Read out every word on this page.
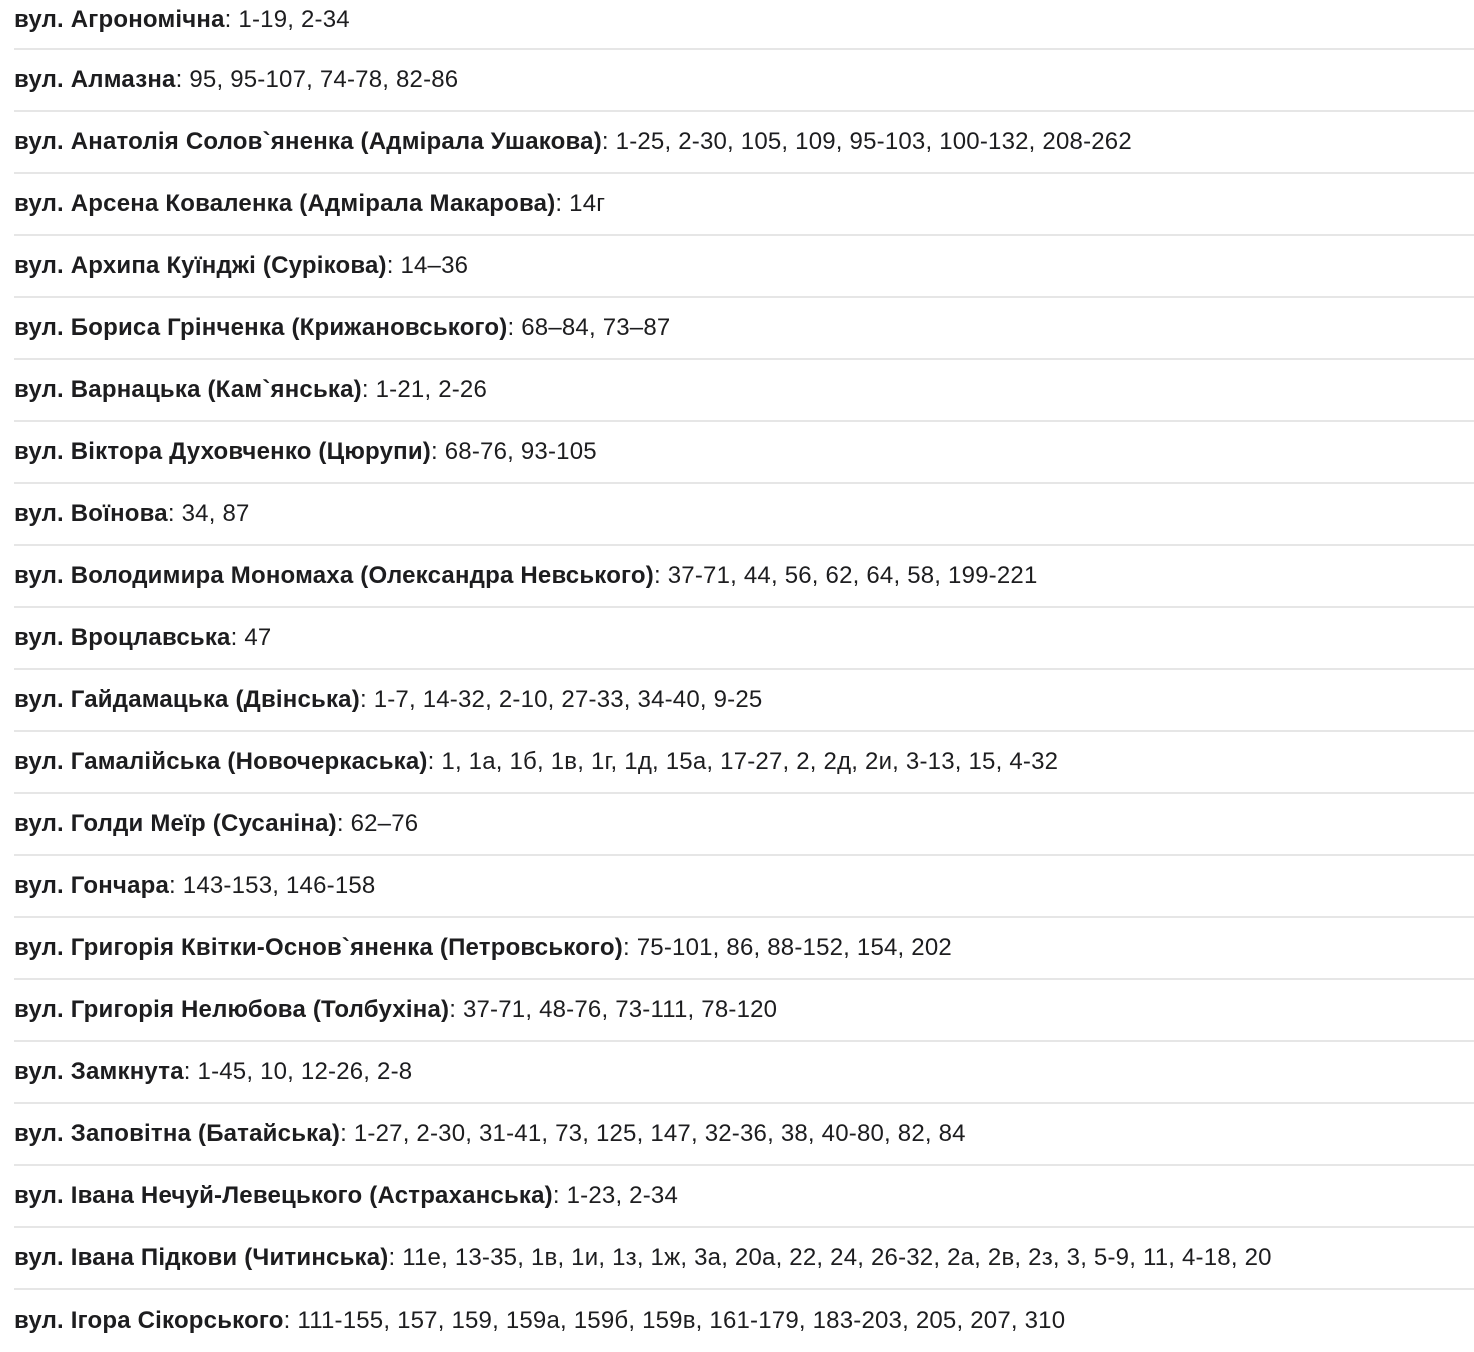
вул. Агрономічна : 1-19, 2-34
вул. Алмазна : 95, 95-107, 74-78, 82-86
вул. Анатолія Солов`яненка (Адмірала Ушакова) : 1-25, 2-30, 105, 109, 95-103, 100-132, 208-262
вул. Арсена Коваленка (Адмірала Макарова) : 14г
вул. Архипа Куїнджі (Сурікова) : 14–36
вул. Бориса Грінченка (Крижановського) : 68–84, 73–87
вул. Варнацька (Кам`янська) : 1-21, 2-26
вул. Віктора Духовченко (Цюрупи) : 68-76, 93-105
вул. Воїнова : 34, 87
вул. Володимира Мономаха (Олександра Невського) : 37-71, 44, 56, 62, 64, 58, 199-221
вул. Вроцлавська : 47
вул. Гайдамацька (Двінська) : 1-7, 14-32, 2-10, 27-33, 34-40, 9-25
вул. Гамалійська (Новочеркаська) : 1, 1а, 1б, 1в, 1г, 1д, 15а, 17-27, 2, 2д, 2и, 3-13, 15, 4-32
вул. Голди Меїр (Сусаніна) : 62–76
вул. Гончара : 143-153, 146-158
вул. Григорія Квітки-Основ`яненка (Петровського) : 75-101, 86, 88-152, 154, 202
вул. Григорія Нелюбова (Толбухіна) : 37-71, 48-76, 73-111, 78-120
вул. Замкнута : 1-45, 10, 12-26, 2-8
вул. Заповітна (Батайська) : 1-27, 2-30, 31-41, 73, 125, 147, 32-36, 38, 40-80, 82, 84
вул. Івана Нечуй-Левецького (Астраханська) : 1-23, 2-34
вул. Івана Підкови (Читинська) : 11е, 13-35, 1в, 1и, 1з, 1ж, 3а, 20а, 22, 24, 26-32, 2а, 2в, 2з, 3, 5-9, 11, 4-18, 20
вул. Ігора Сікорського : 111-155, 157, 159, 159а, 159б, 159в, 161-179, 183-203, 205, 207, 310
